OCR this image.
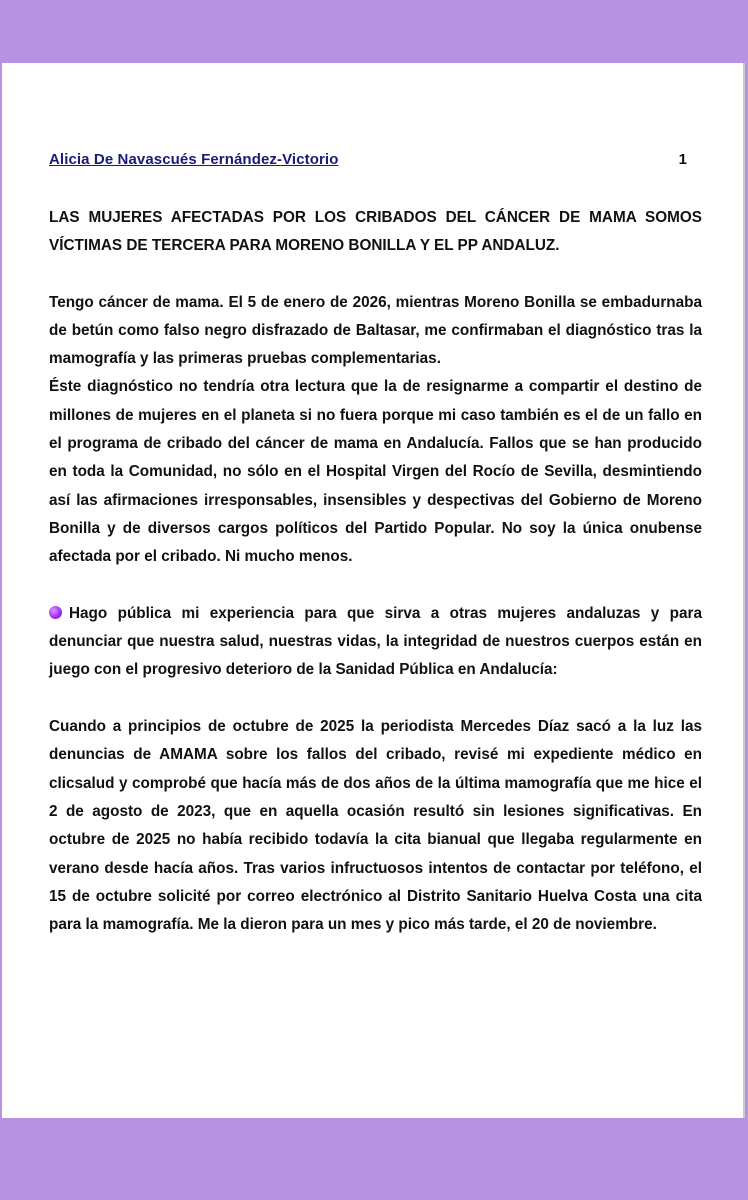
Alicia De Navascués Fernández-Victorio	1

LAS MUJERES AFECTADAS POR LOS CRIBADOS DEL CÁNCER DE MAMA SOMOS VÍCTIMAS DE TERCERA PARA MORENO BONILLA Y EL PP ANDALUZ.

Tengo cáncer de mama. El 5 de enero de 2026, mientras Moreno Bonilla se embadurnaba de betún como falso negro disfrazado de Baltasar, me confirmaban el diagnóstico tras la mamografía y las primeras pruebas complementarias.

Éste diagnóstico no tendría otra lectura que la de resignarme a compartir el destino de millones de mujeres en el planeta si no fuera porque mi caso también es el de un fallo en el programa de cribado del cáncer de mama en Andalucía. Fallos que se han producido en toda la Comunidad, no sólo en el Hospital Virgen del Rocío de Sevilla, desmintiendo así las afirmaciones irresponsables, insensibles y despectivas del Gobierno de Moreno Bonilla y de diversos cargos políticos del Partido Popular. No soy la única onubense afectada por el cribado. Ni mucho menos.

Hago pública mi experiencia para que sirva a otras mujeres andaluzas y para denunciar que nuestra salud, nuestras vidas, la integridad de nuestros cuerpos están en juego con el progresivo deterioro de la Sanidad Pública en Andalucía:

Cuando a principios de octubre de 2025 la periodista Mercedes Díaz sacó a la luz las denuncias de AMAMA sobre los fallos del cribado, revisé mi expediente médico en clicsalud y comprobé que hacía más de dos años de la última mamografía que me hice el 2 de agosto de 2023, que en aquella ocasión resultó sin lesiones significativas. En octubre de 2025 no había recibido todavía la cita bianual que llegaba regularmente en verano desde hacía años. Tras varios infructuosos intentos de contactar por teléfono, el 15 de octubre solicité por correo electrónico al Distrito Sanitario Huelva Costa una cita para la mamografía. Me la dieron para un mes y pico más tarde, el 20 de noviembre.
